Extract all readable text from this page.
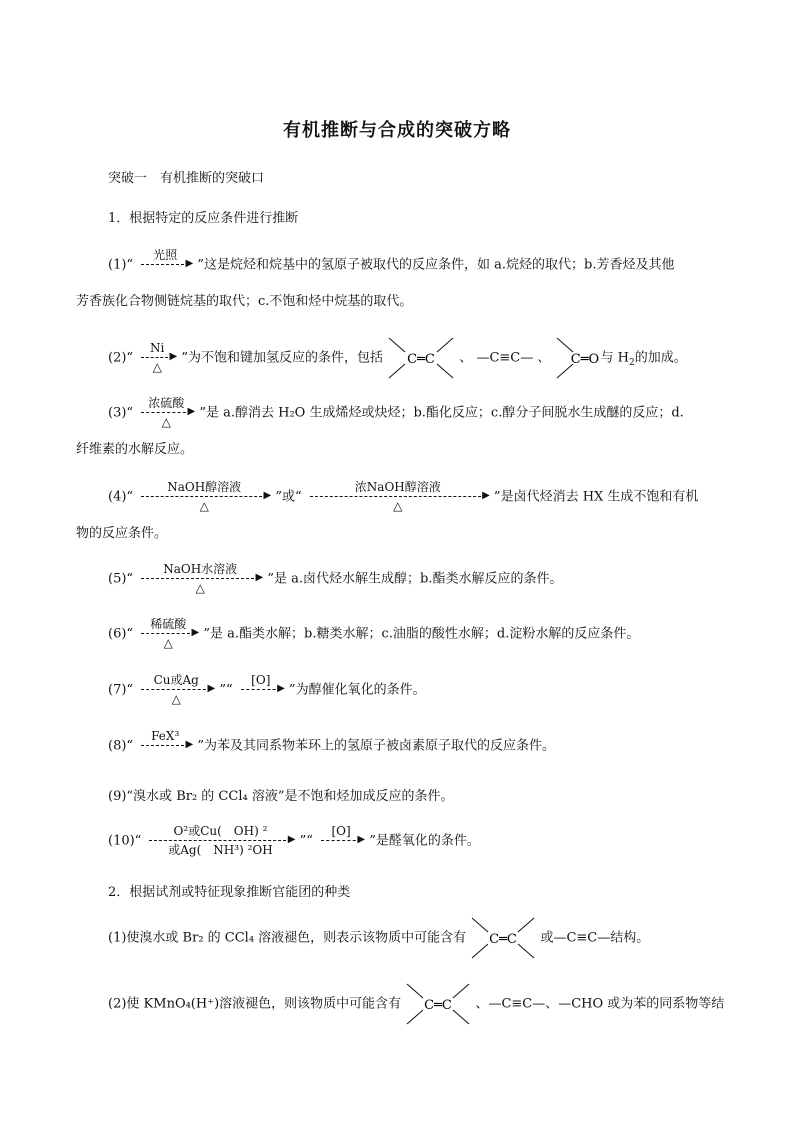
有机推断与合成的突破方略
突破一　有机推断的突破口
1．根据特定的反应条件进行推断
(1)“
光照
▶ ”这是烷烃和烷基中的氢原子被取代的反应条件，如 a.烷烃的取代；b.芳香烃及其他
芳香族化合物侧链烷基的取代；c.不饱和烃中烷基的取代。
(2)“
Ni
▶
△
”为不饱和键加氢反应的条件，包括 C═C 、 —C≡C— 、 C═O 与 $H_2$的加成。
(3)“
浓硫酸
▶
△
”是 a.醇消去 H₂O 生成烯烃或炔烃；b.酯化反应；c.醇分子间脱水生成醚的反应；d.
纤维素的水解反应。
(4)“
NaOH醇溶液
▶
△
”或“
浓NaOH醇溶液
▶
△
”是卤代烃消去 HX 生成不饱和有机
物的反应条件。
(5)“
NaOH水溶液
▶
△
”是 a.卤代烃水解生成醇；b.酯类水解反应的条件。
(6)“
稀硫酸
▶
△
”是 a.酯类水解；b.糖类水解；c.油脂的酸性水解；d.淀粉水解的反应条件。
(7)“
Cu或Ag
▶
△
”“
[O]
▶ ”为醇催化氧化的条件。
(8)“
FeX³
▶ ”为苯及其同系物苯环上的氢原子被卤素原子取代的反应条件。
(9)“溴水或 Br₂ 的 CCl₄ 溶液”是不饱和烃加成反应的条件。
(10)“
O²或Cu(　OH) ²
▶
或Ag(　NH³) ²OH
”“
[O]
▶ ”是醛氧化的条件。
2．根据试剂或特征现象推断官能团的种类
(1)使溴水或 Br₂ 的 CCl₄ 溶液褪色，则表示该物质中可能含有 C═C 或—C≡C—结构。
(2)使 KMnO₄(H⁺)溶液褪色，则该物质中可能含有 C═C 、—C≡C—、—CHO 或为苯的同系物等结
